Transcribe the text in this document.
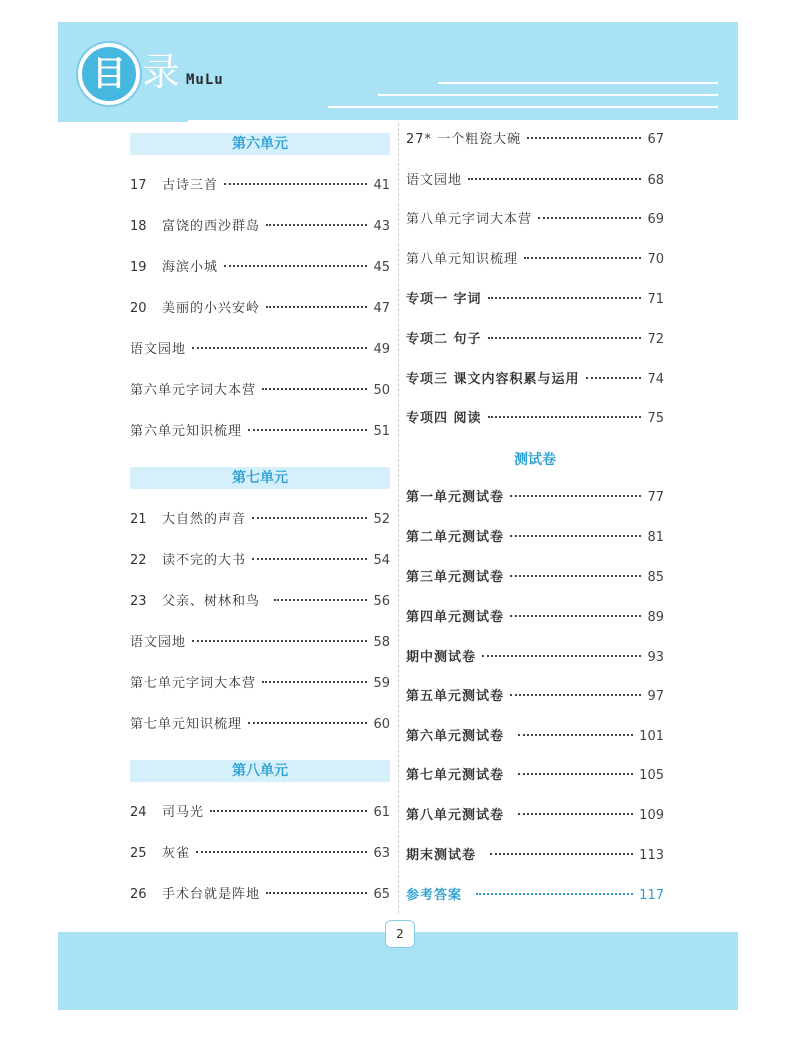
目 录 MuLu
第六单元
17	古诗三首	41
18	富饶的西沙群岛	43
19	海滨小城	45
20	美丽的小兴安岭	47
语文园地	49
第六单元字词大本营	50
第六单元知识梳理	51
第七单元
21	大自然的声音	52
22	读不完的大书	54
23	父亲、树林和鸟	56
语文园地	58
第七单元字词大本营	59
第七单元知识梳理	60
第八单元
24	司马光	61
25	灰雀	63
26	手术台就是阵地	65
27* 一个粗瓷大碗	67
语文园地	68
第八单元字词大本营	69
第八单元知识梳理	70
专项一 字词	71
专项二 句子	72
专项三 课文内容积累与运用	74
专项四 阅读	75
测试卷
第一单元测试卷	77
第二单元测试卷	81
第三单元测试卷	85
第四单元测试卷	89
期中测试卷	93
第五单元测试卷	97
第六单元测试卷	101
第七单元测试卷	105
第八单元测试卷	109
期末测试卷	113
参考答案	117
2
